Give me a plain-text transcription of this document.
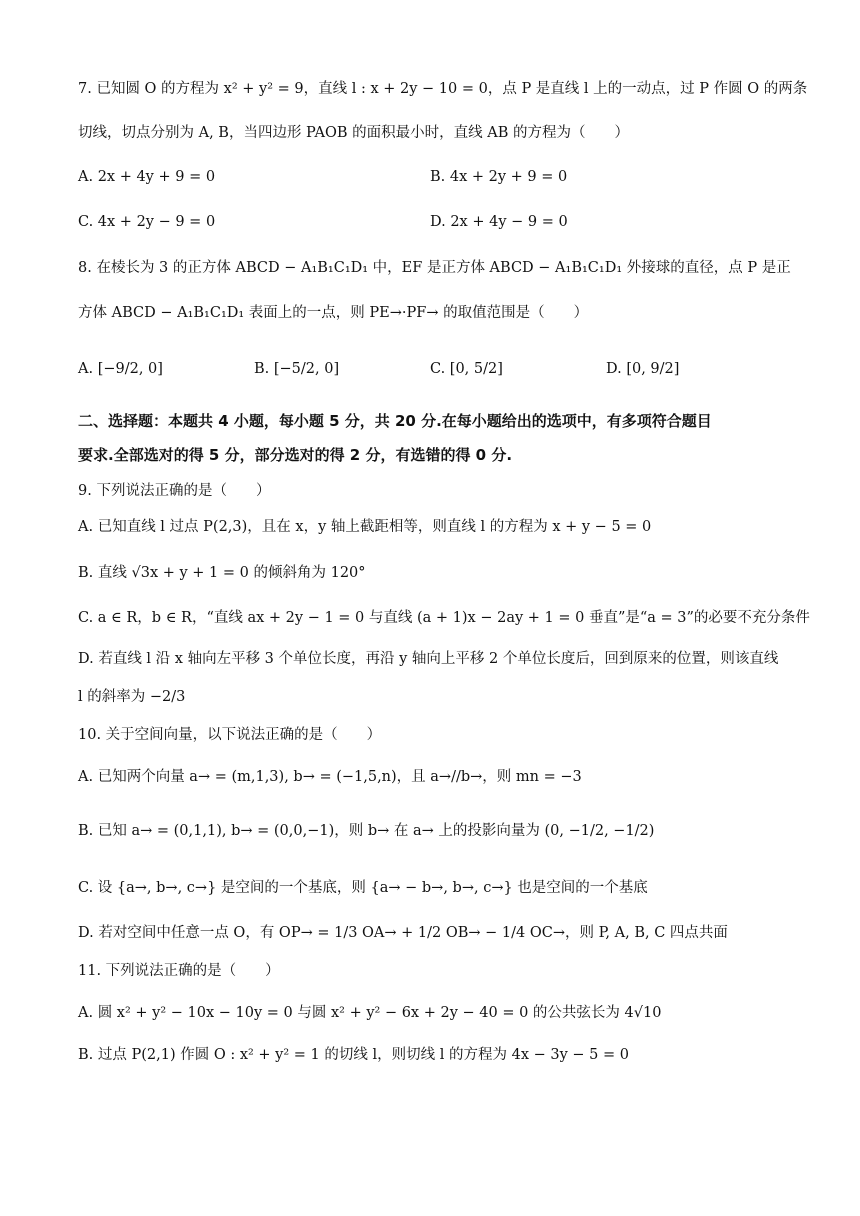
7. 已知圆 O 的方程为 x² + y² = 9，直线 l : x + 2y − 10 = 0，点 P 是直线 l 上的一动点，过 P 作圆 O 的两条
切线，切点分别为 A, B，当四边形 PAOB 的面积最小时，直线 AB 的方程为（　　）
8. 在棱长为 3 的正方体 ABCD − A₁B₁C₁D₁ 中，EF 是正方体 ABCD − A₁B₁C₁D₁ 外接球的直径，点 P 是正
方体 ABCD − A₁B₁C₁D₁ 表面上的一点，则 PE→·PF→ 的取值范围是（　　）
二、选择题：本题共 4 小题，每小题 5 分，共 20 分.在每小题给出的选项中，有多项符合题目
要求.全部选对的得 5 分，部分选对的得 2 分，有选错的得 0 分.
9. 下列说法正确的是（　　）
A. 已知直线 l 过点 P(2,3)，且在 x，y 轴上截距相等，则直线 l 的方程为 x + y − 5 = 0
B. 直线 √3x + y + 1 = 0 的倾斜角为 120°
C. a ∈ R，b ∈ R，“直线 ax + 2y − 1 = 0 与直线 (a + 1)x − 2ay + 1 = 0 垂直”是“a = 3”的必要不充分条件
D. 若直线 l 沿 x 轴向左平移 3 个单位长度，再沿 y 轴向上平移 2 个单位长度后，回到原来的位置，则该直线
l 的斜率为 −2/3
10. 关于空间向量，以下说法正确的是（　　）
A. 已知两个向量 a→ = (m,1,3), b→ = (−1,5,n)，且 a→//b→，则 mn = −3
B. 已知 a→ = (0,1,1), b→ = (0,0,−1)，则 b→ 在 a→ 上的投影向量为 (0, −1/2, −1/2)
C. 设 {a→, b→, c→} 是空间的一个基底，则 {a→ − b→, b→, c→} 也是空间的一个基底
D. 若对空间中任意一点 O，有 OP→ = 1/3 OA→ + 1/2 OB→ − 1/4 OC→，则 P, A, B, C 四点共面
11. 下列说法正确的是（　　）
A. 圆 x² + y² − 10x − 10y = 0 与圆 x² + y² − 6x + 2y − 40 = 0 的公共弦长为 4√10
B. 过点 P(2,1) 作圆 O : x² + y² = 1 的切线 l，则切线 l 的方程为 4x − 3y − 5 = 0
A. 2x + 4y + 9 = 0	B. 4x + 2y + 9 = 0
C. 4x + 2y − 9 = 0	D. 2x + 4y − 9 = 0
A. [−9/2, 0]	B. [−5/2, 0]	C. [0, 5/2]	D. [0, 9/2]
